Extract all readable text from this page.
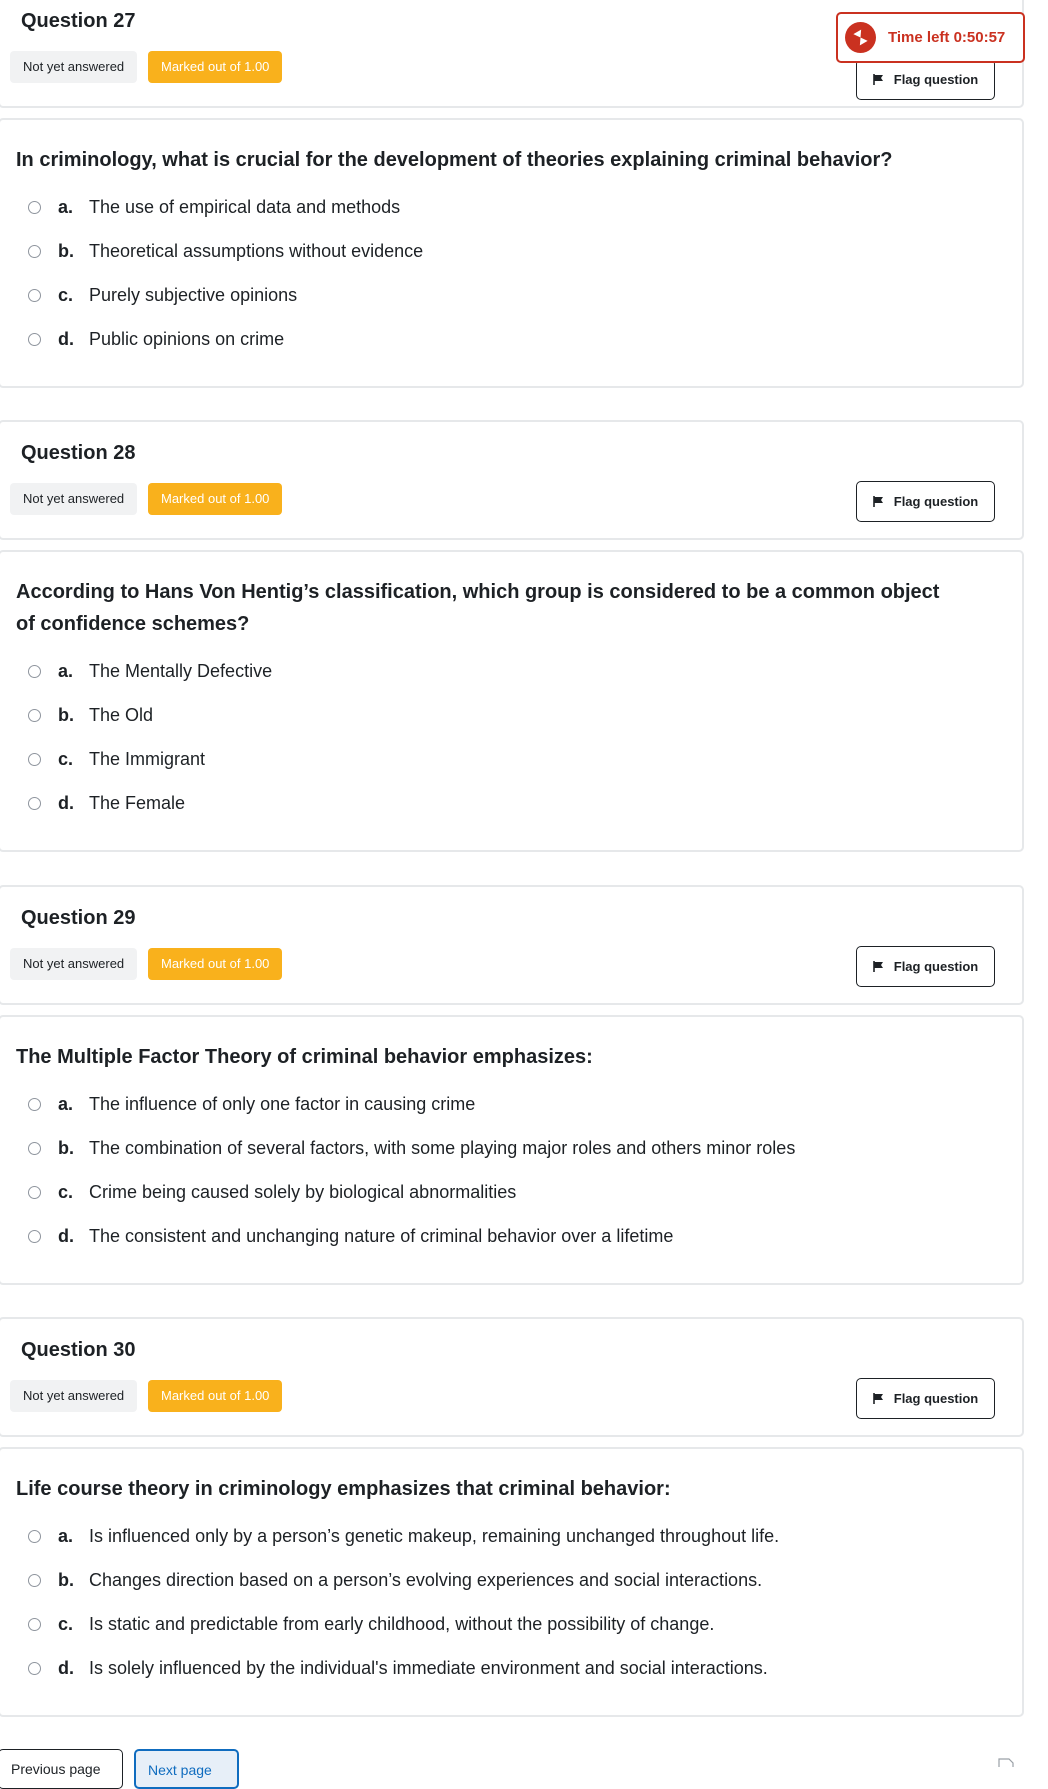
Question 27
Not yet answered	Marked out of 1.00
Flag question
In criminology, what is crucial for the development of theories explaining criminal behavior?
a. The use of empirical data and methods
b. Theoretical assumptions without evidence
c. Purely subjective opinions
d. Public opinions on crime
Question 28
Not yet answered	Marked out of 1.00	Flag question
According to Hans Von Hentig’s classification, which group is considered to be a common object of confidence schemes?
a. The Mentally Defective
b. The Old
c. The Immigrant
d. The Female
Question 29
Not yet answered	Marked out of 1.00	Flag question
The Multiple Factor Theory of criminal behavior emphasizes:
a. The influence of only one factor in causing crime
b. The combination of several factors, with some playing major roles and others minor roles
c. Crime being caused solely by biological abnormalities
d. The consistent and unchanging nature of criminal behavior over a lifetime
Question 30
Not yet answered	Marked out of 1.00	Flag question
Life course theory in criminology emphasizes that criminal behavior:
a. Is influenced only by a person’s genetic makeup, remaining unchanged throughout life.
b. Changes direction based on a person’s evolving experiences and social interactions.
c. Is static and predictable from early childhood, without the possibility of change.
d. Is solely influenced by the individual's immediate environment and social interactions.
Time left 0:50:57
Previous page	Next page
